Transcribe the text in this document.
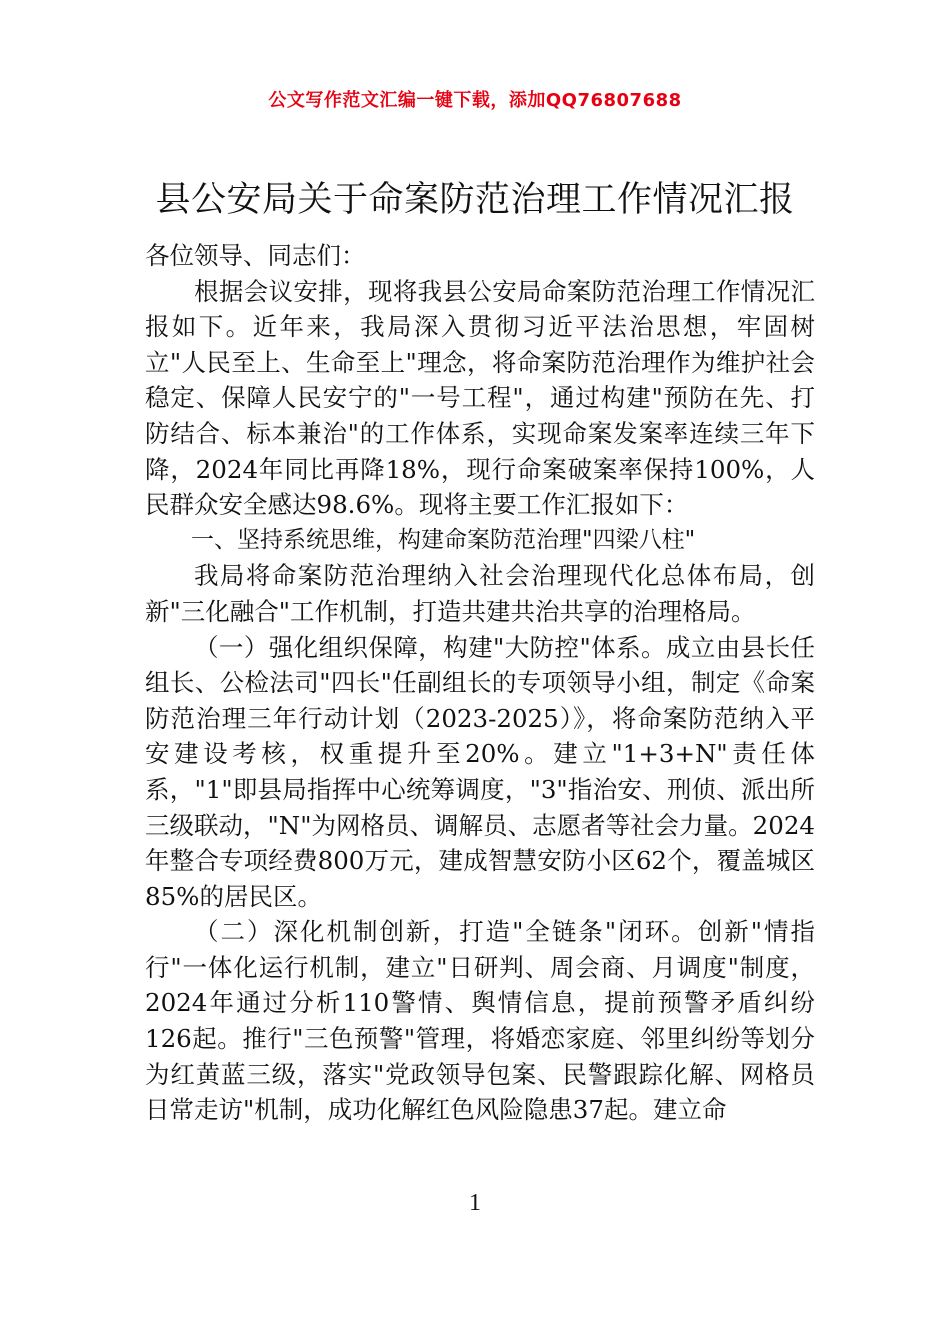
公文写作范文汇编一键下载，添加QQ76807688
县公安局关于命案防范治理工作情况汇报

各位领导、同志们：

根据会议安排，现将我县公安局命案防范治理工作情况汇报如下。近年来，我局深入贯彻习近平法治思想，牢固树立"人民至上、生命至上"理念，将命案防范治理作为维护社会稳定、保障人民安宁的"一号工程"，通过构建"预防在先、打防结合、标本兼治"的工作体系，实现命案发案率连续三年下降，2024年同比再降18%，现行命案破案率保持100%，人民群众安全感达98.6%。现将主要工作汇报如下：

一、坚持系统思维，构建命案防范治理"四梁八柱"

我局将命案防范治理纳入社会治理现代化总体布局，创新"三化融合"工作机制，打造共建共治共享的治理格局。

（一）强化组织保障，构建"大防控"体系。成立由县长任组长、公检法司"四长"任副组长的专项领导小组，制定《命案防范治理三年行动计划（2023-2025）》，将命案防范纳入平安建设考核，权重提升至20%。建立"1+3+N"责任体系，"1"即县局指挥中心统筹调度，"3"指治安、刑侦、派出所三级联动，"N"为网格员、调解员、志愿者等社会力量。2024年整合专项经费800万元，建成智慧安防小区62个，覆盖城区85%的居民区。

（二）深化机制创新，打造"全链条"闭环。创新"情指行"一体化运行机制，建立"日研判、周会商、月调度"制度，2024年通过分析110警情、舆情信息，提前预警矛盾纠纷126起。推行"三色预警"管理，将婚恋家庭、邻里纠纷等划分为红黄蓝三级，落实"党政领导包案、民警跟踪化解、网格员日常走访"机制，成功化解红色风险隐患37起。建立命

1
